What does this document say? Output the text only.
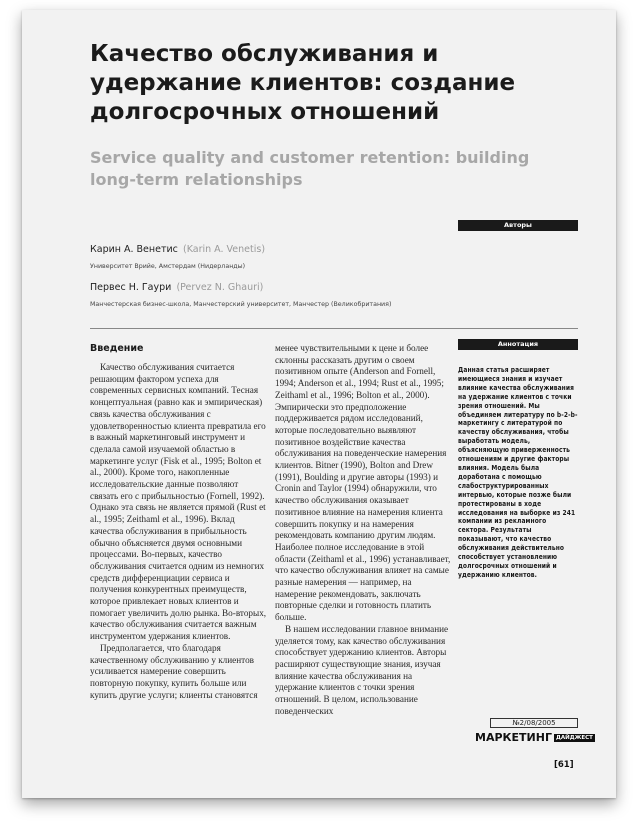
Качество обслуживания и удержание клиентов: создание долгосрочных отношений
Service quality and customer retention: building long-term relationships
Авторы
Карин А. Венетис (Karin A. Venetis)
Университет Врийе, Амстердам (Нидерланды)
Первес Н. Гаури (Pervez N. Ghauri)
Манчестерская бизнес-школа, Манчестерский университет, Манчестер (Великобритания)
Введение

Качество обслуживания считается решающим фактором успеха для современных сервисных компаний. Тесная концептуальная (равно как и эмпирическая) связь качества обслуживания с удовлетворенностью клиента превратила его в важный маркетинговый инструмент и сделала самой изучаемой областью в маркетинге услуг (Fisk et al., 1995; Bolton et al., 2000). Кроме того, накопленные исследовательские данные позволяют связать его с прибыльностью (Fornell, 1992). Однако эта связь не является прямой (Rust et al., 1995; Zeithaml et al., 1996). Вклад качества обслуживания в прибыльность обычно объясняется двумя основными процессами. Во-первых, качество обслуживания считается одним из немногих средств дифференциации сервиса и получения конкурентных преимуществ, которое привлекает новых клиентов и помогает увеличить долю рынка. Во-вторых, качество обслуживания считается важным инструментом удержания клиентов.

Предполагается, что благодаря качественному обслуживанию у клиентов усиливается намерение совершить повторную покупку, купить больше или купить другие услуги; клиенты становятся

менее чувствительными к цене и более склонны рассказать другим о своем позитивном опыте (Anderson and Fornell, 1994; Anderson et al., 1994; Rust et al., 1995; Zeithaml et al., 1996; Bolton et al., 2000). Эмпирически это предположение поддерживается рядом исследований, которые последовательно выявляют позитивное воздействие качества обслуживания на поведенческие намерения клиентов. Bitner (1990), Bolton and Drew (1991), Boulding и другие авторы (1993) и Cronin and Taylor (1994) обнаружили, что качество обслуживания оказывает позитивное влияние на намерения клиента совершить покупку и на намерения рекомендовать компанию другим людям. Наиболее полное исследование в этой области (Zeithaml et al., 1996) устанавливает, что качество обслуживания влияет на самые разные намерения — например, на намерение рекомендовать, заключать повторные сделки и готовность платить больше.

В нашем исследовании главное внимание уделяется тому, как качество обслуживания способствует удержанию клиентов. Авторы расширяют существующие знания, изучая влияние качества обслуживания на удержание клиентов с точки зрения отношений. В целом, использование поведенческих

Аннотация
Данная статья расширяет имеющиеся знания и изучает влияние качества обслуживания на удержание клиентов с точки зрения отношений. Мы объединяем литературу по b-2-b-маркетингу с литературой по качеству обслуживания, чтобы выработать модель, объясняющую приверженность отношениям и другие факторы влияния. Модель была доработана с помощью слабоструктурированных интервью, которые позже были протестированы в ходе исследования на выборке из 241 компании из рекламного сектора. Результаты показывают, что качество обслуживания действительно способствует установлению долгосрочных отношений и удержанию клиентов.
№2/08/2005
МАРКЕТИНГ ДАЙДЖЕСТ
[61]
